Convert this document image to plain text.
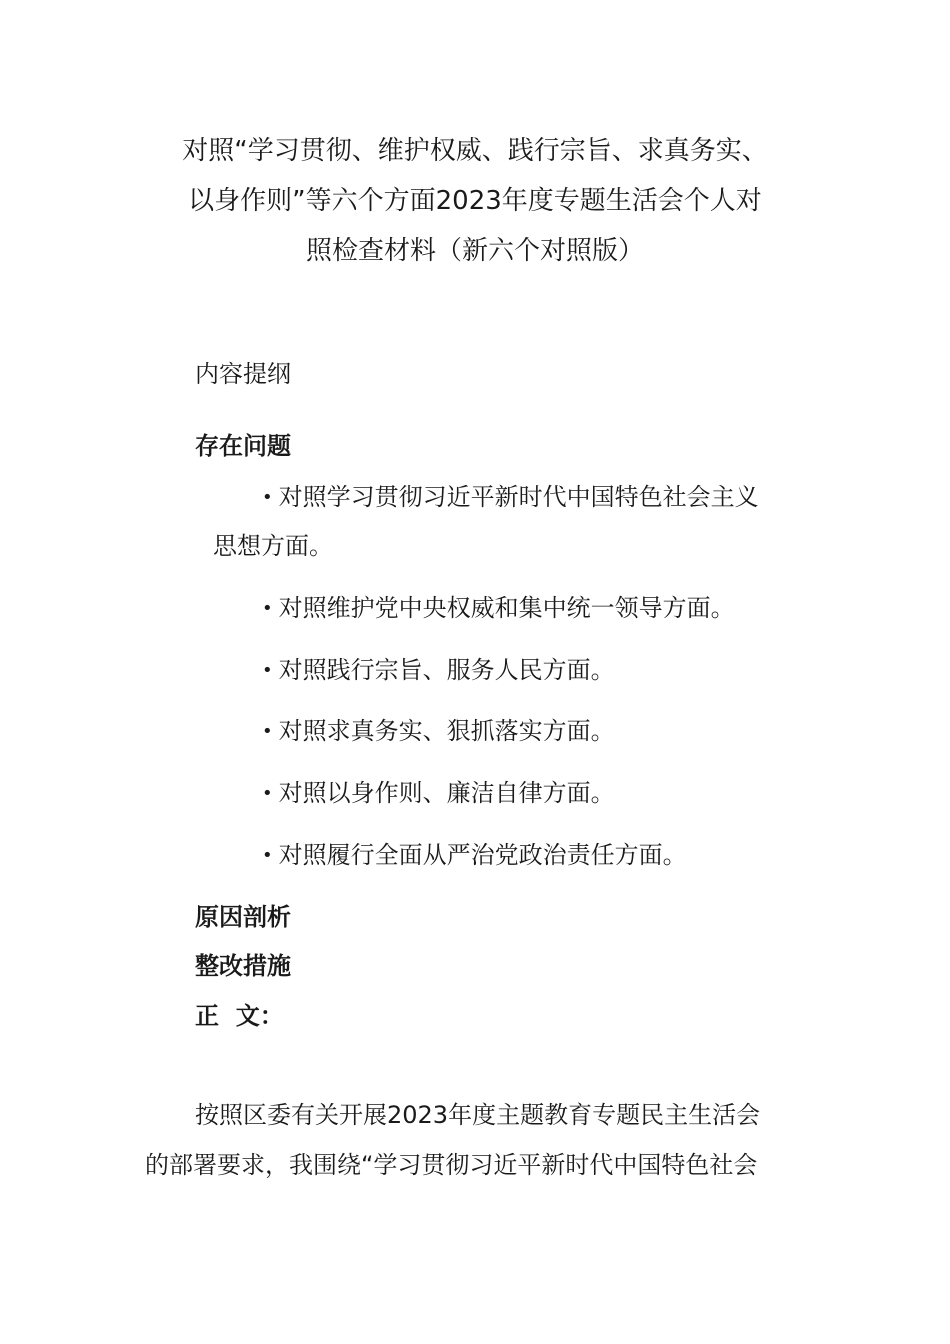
对照“学习贯彻、维护权威、践行宗旨、求真务实、
以身作则”等六个方面2023年度专题生活会个人对
照检查材料（新六个对照版）

内容提纲

存在问题

• 对照学习贯彻习近平新时代中国特色社会主义

思想方面。

• 对照维护党中央权威和集中统一领导方面。

• 对照践行宗旨、服务人民方面。

• 对照求真务实、狠抓落实方面。

• 对照以身作则、廉洁自律方面。

• 对照履行全面从严治党政治责任方面。

原因剖析

整改措施

正  文：

按照区委有关开展2023年度主题教育专题民主生活会

的部署要求，我围绕“学习贯彻习近平新时代中国特色社会
